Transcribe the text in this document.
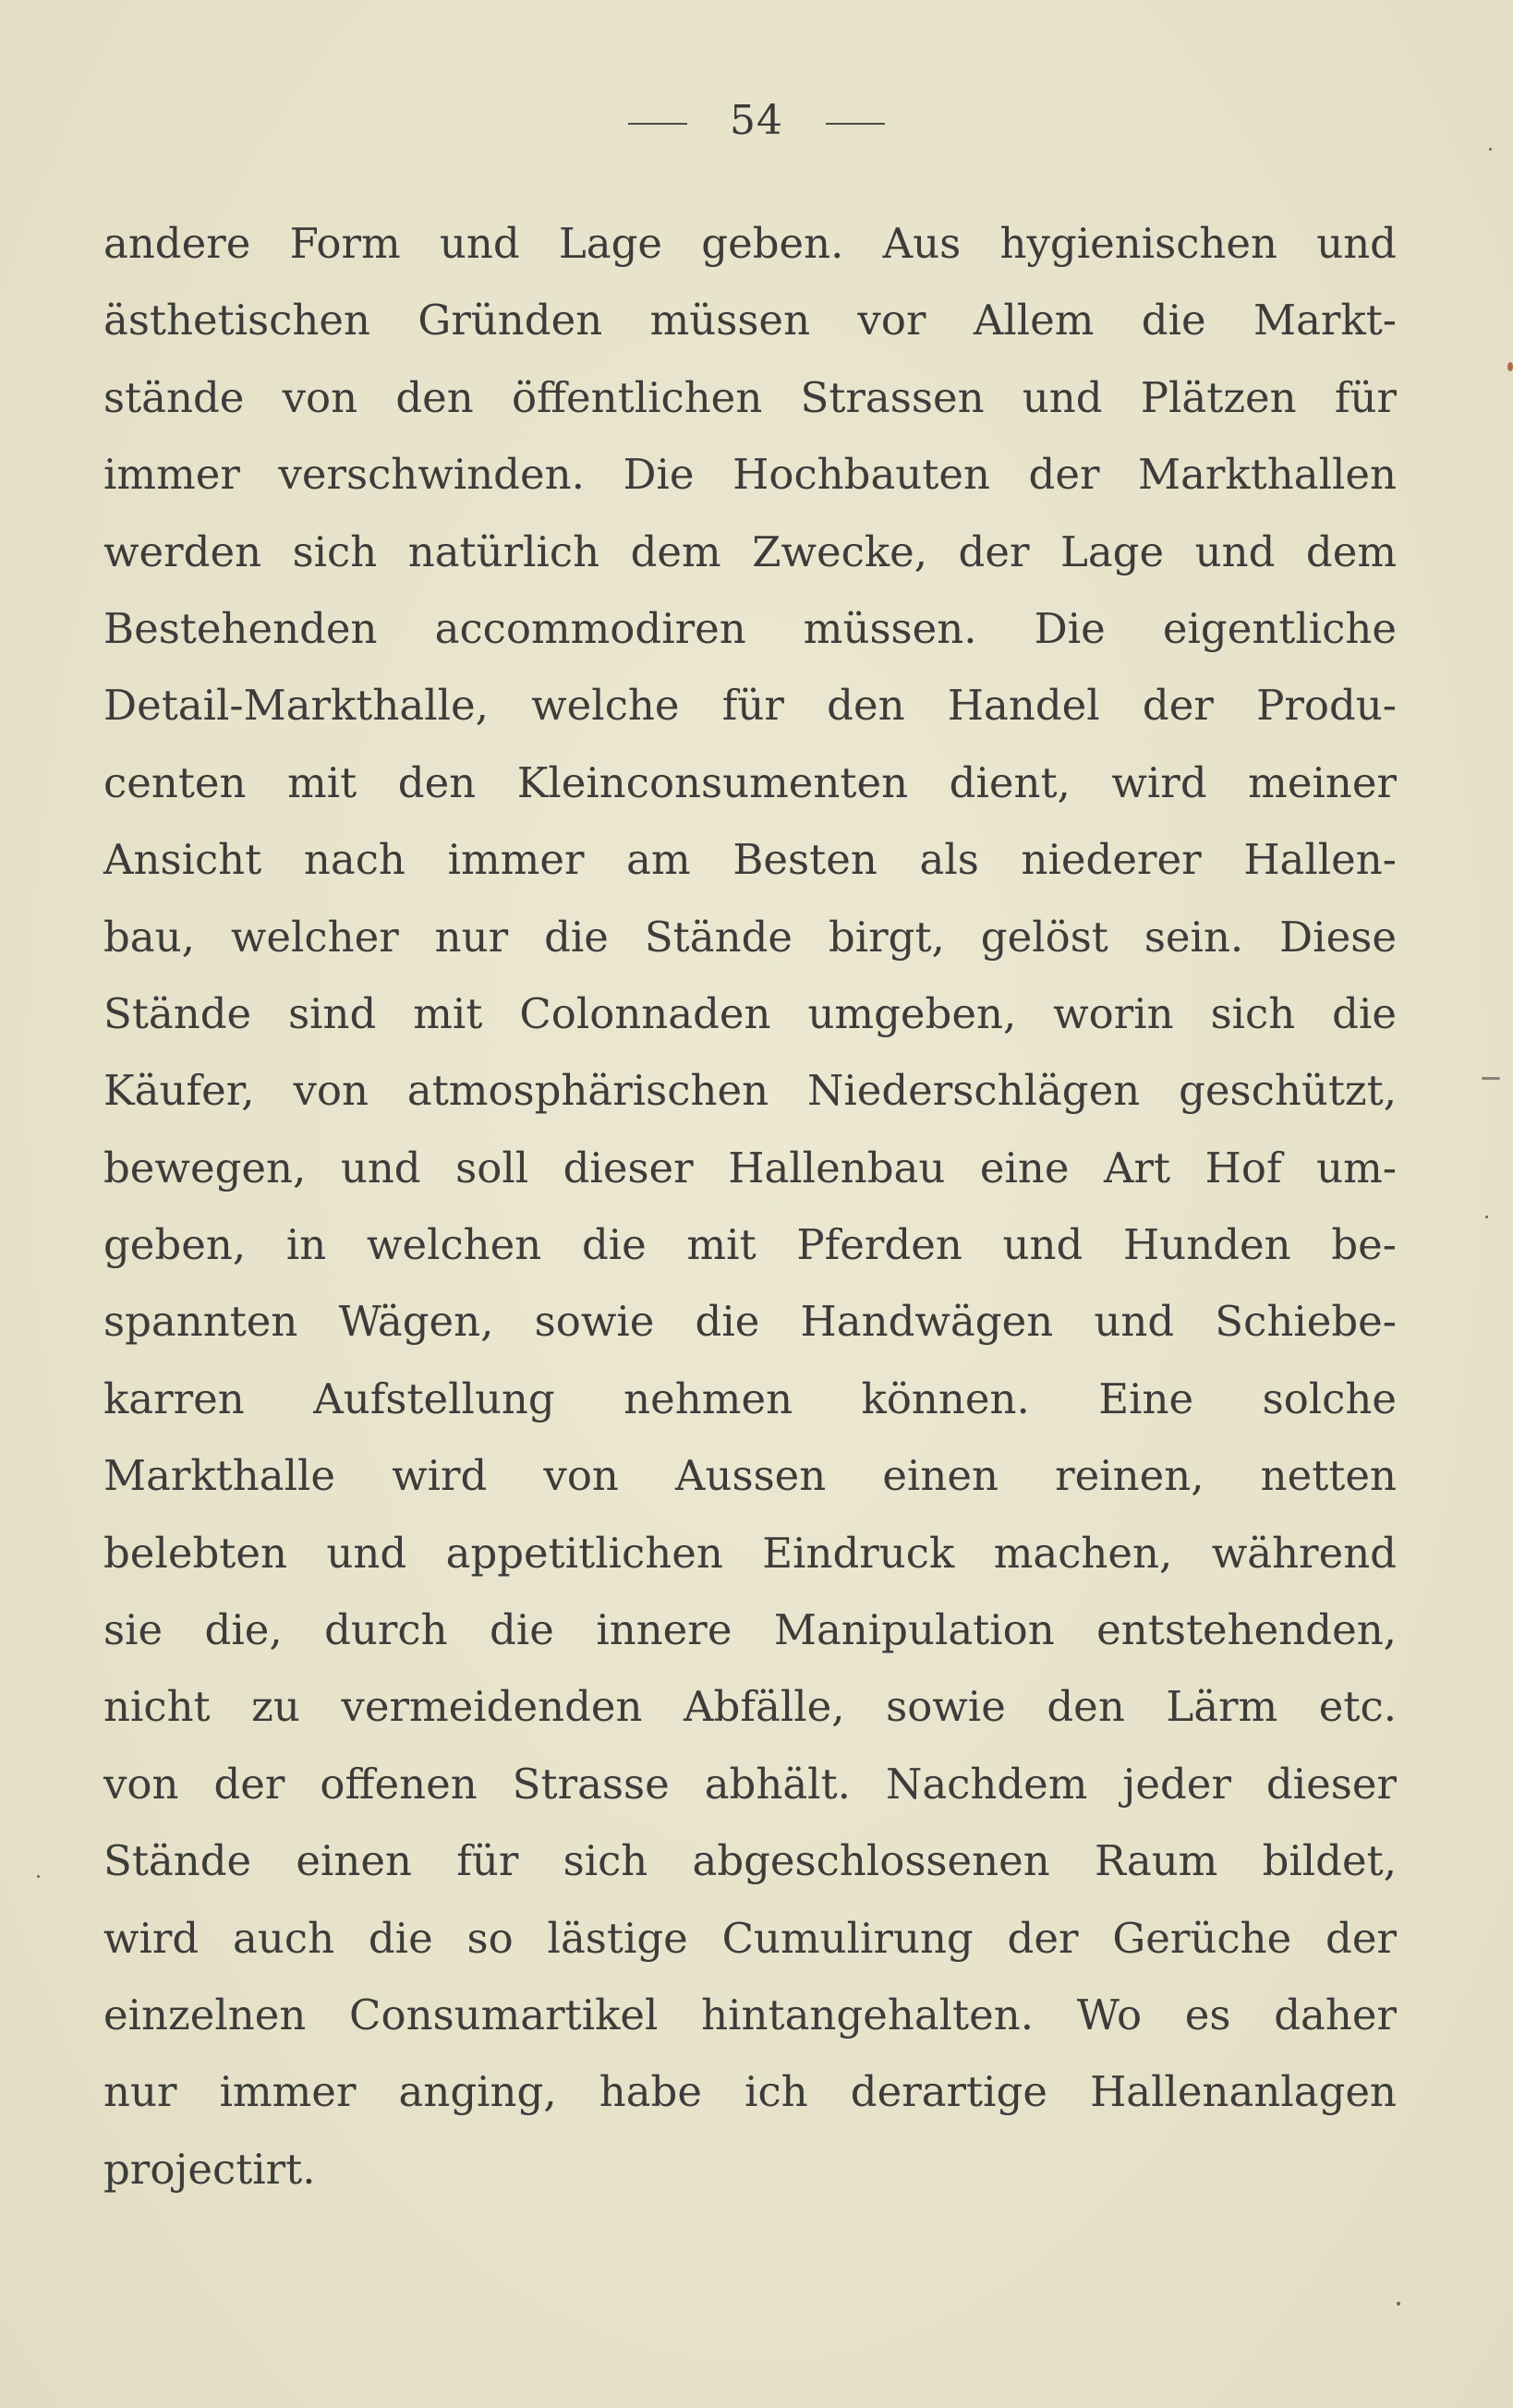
54
andere Form und Lage geben. Aus hygienischen und
ästhetischen Gründen müssen vor Allem die Markt-
stände von den öffentlichen Strassen und Plätzen für
immer verschwinden. Die Hochbauten der Markthallen
werden sich natürlich dem Zwecke, der Lage und dem
Bestehenden accommodiren müssen. Die eigentliche
Detail-Markthalle, welche für den Handel der Produ-
centen mit den Kleinconsumenten dient, wird meiner
Ansicht nach immer am Besten als niederer Hallen-
bau, welcher nur die Stände birgt, gelöst sein. Diese
Stände sind mit Colonnaden umgeben, worin sich die
Käufer, von atmosphärischen Niederschlägen geschützt,
bewegen, und soll dieser Hallenbau eine Art Hof um-
geben, in welchen die mit Pferden und Hunden be-
spannten Wägen, sowie die Handwägen und Schiebe-
karren Aufstellung nehmen können. Eine solche
Markthalle wird von Aussen einen reinen, netten
belebten und appetitlichen Eindruck machen, während
sie die, durch die innere Manipulation entstehenden,
nicht zu vermeidenden Abfälle, sowie den Lärm etc.
von der offenen Strasse abhält. Nachdem jeder dieser
Stände einen für sich abgeschlossenen Raum bildet,
wird auch die so lästige Cumulirung der Gerüche der
einzelnen Consumartikel hintangehalten. Wo es daher
nur immer anging, habe ich derartige Hallenanlagen
projectirt.
